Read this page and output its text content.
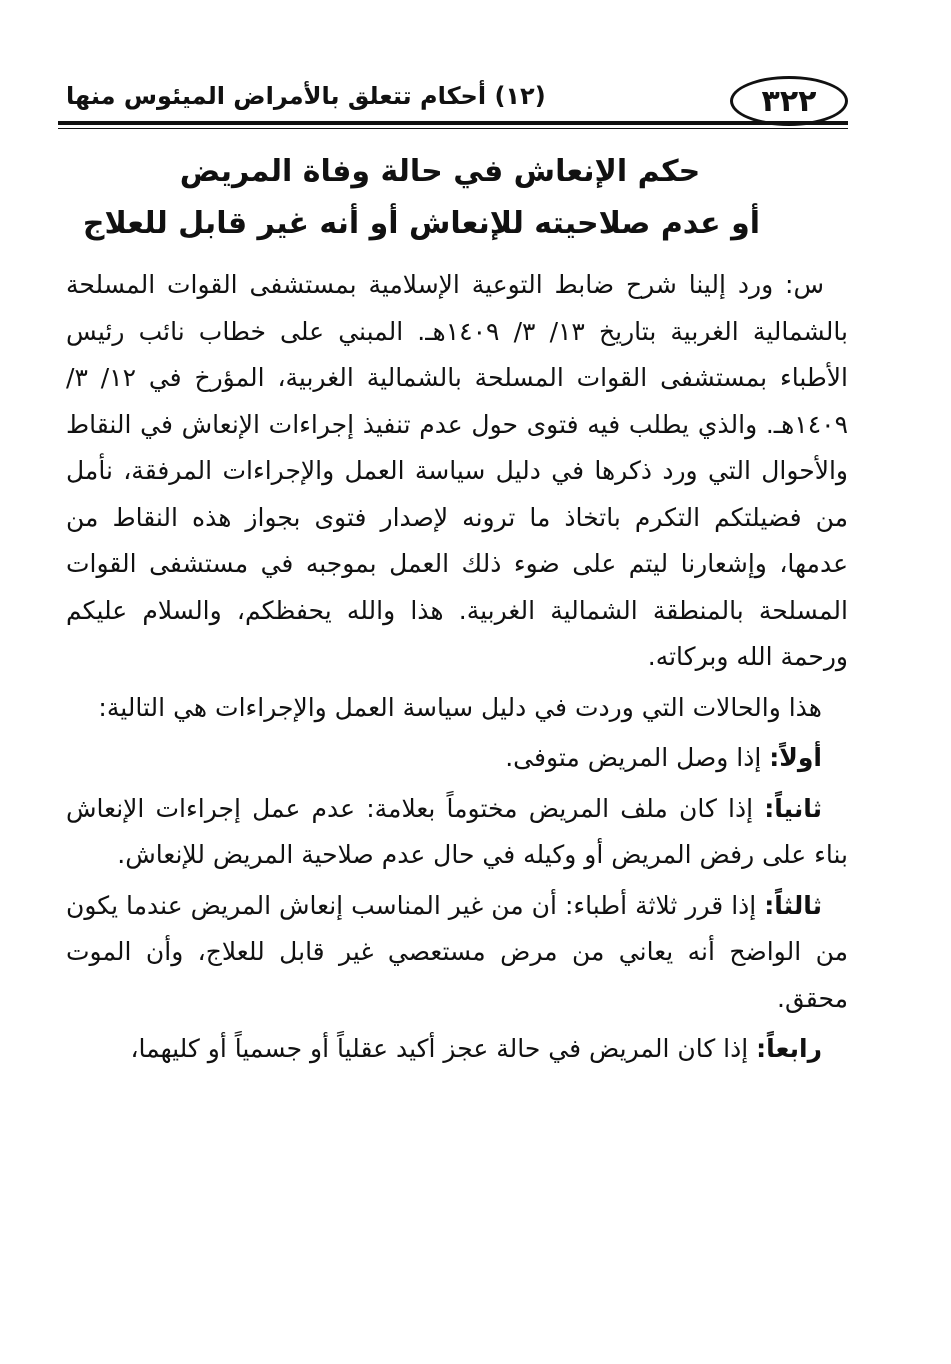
٣٢٢
(١٢) أحكام تتعلق بالأمراض الميئوس منها
حكم الإنعاش في حالة وفاة المريض
أو عدم صلاحيته للإنعاش أو أنه غير قابل للعلاج

س: ورد إلينا شرح ضابط التوعية الإسلامية بمستشفى القوات المسلحة بالشمالية الغربية بتاريخ ١٣/ ٣/ ١٤٠٩هـ. المبني على خطاب نائب رئيس الأطباء بمستشفى القوات المسلحة بالشمالية الغربية، المؤرخ في ١٢/ ٣/ ١٤٠٩هـ. والذي يطلب فيه فتوى حول عدم تنفيذ إجراءات الإنعاش في النقاط والأحوال التي ورد ذكرها في دليل سياسة العمل والإجراءات المرفقة، نأمل من فضيلتكم التكرم باتخاذ ما ترونه لإصدار فتوى بجواز هذه النقاط من عدمها، وإشعارنا ليتم على ضوء ذلك العمل بموجبه في مستشفى القوات المسلحة بالمنطقة الشمالية الغربية. هذا والله يحفظكم، والسلام عليكم ورحمة الله وبركاته.

هذا والحالات التي وردت في دليل سياسة العمل والإجراءات هي التالية:

أولاً: إذا وصل المريض متوفى.

ثانياً: إذا كان ملف المريض مختوماً بعلامة: عدم عمل إجراءات الإنعاش بناء على رفض المريض أو وكيله في حال عدم صلاحية المريض للإنعاش.

ثالثاً: إذا قرر ثلاثة أطباء: أن من غير المناسب إنعاش المريض عندما يكون من الواضح أنه يعاني من مرض مستعصي غير قابل للعلاج، وأن الموت محقق.

رابعاً: إذا كان المريض في حالة عجز أكيد عقلياً أو جسمياً أو كليهما،
